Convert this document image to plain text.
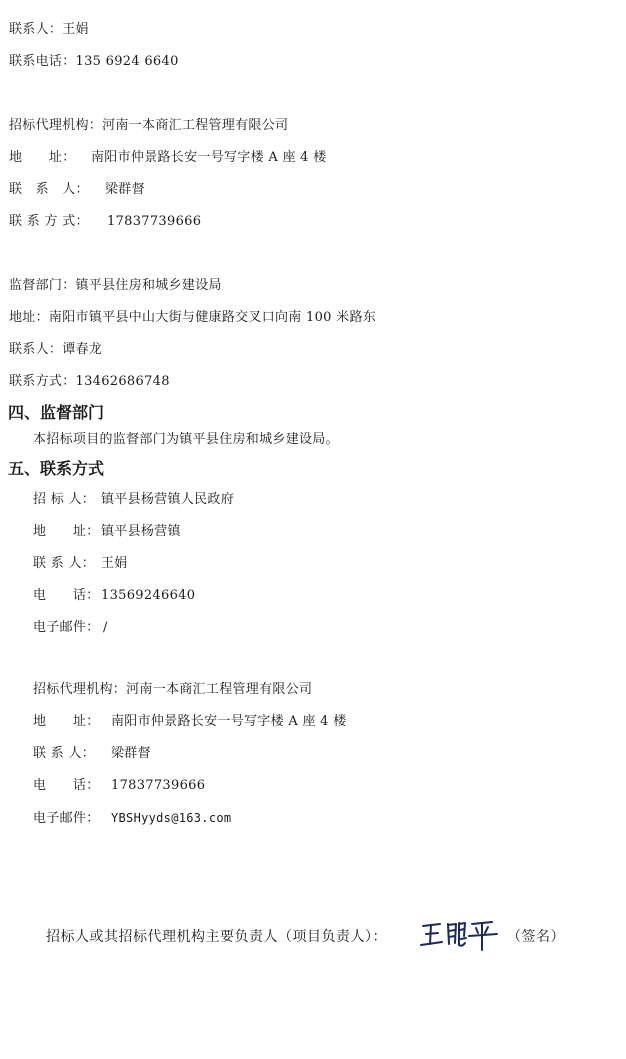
联系人：王娟
联系电话：135 6924 6640
招标代理机构：河南一本商汇工程管理有限公司
地　　址： 南阳市仲景路长安一号写字楼 A 座 4 楼
联　系　人： 梁群督
联 系 方 式： 17837739666
监督部门：镇平县住房和城乡建设局
地址：南阳市镇平县中山大街与健康路交叉口向南 100 米路东
联系人：谭春龙
联系方式：13462686748
四、监督部门
本招标项目的监督部门为镇平县住房和城乡建设局。
五、联系方式
招 标 人： 镇平县杨营镇人民政府
地　　址：镇平县杨营镇
联 系 人： 王娟
电　　话：13569246640
电子邮件： /
招标代理机构：河南一本商汇工程管理有限公司
地　　址： 南阳市仲景路长安一号写字楼 A 座 4 楼
联 系 人： 梁群督
电　　话： 17837739666
电子邮件： YBSHyyds@163.com
招标人或其招标代理机构主要负责人（项目负责人）：	（签名）
